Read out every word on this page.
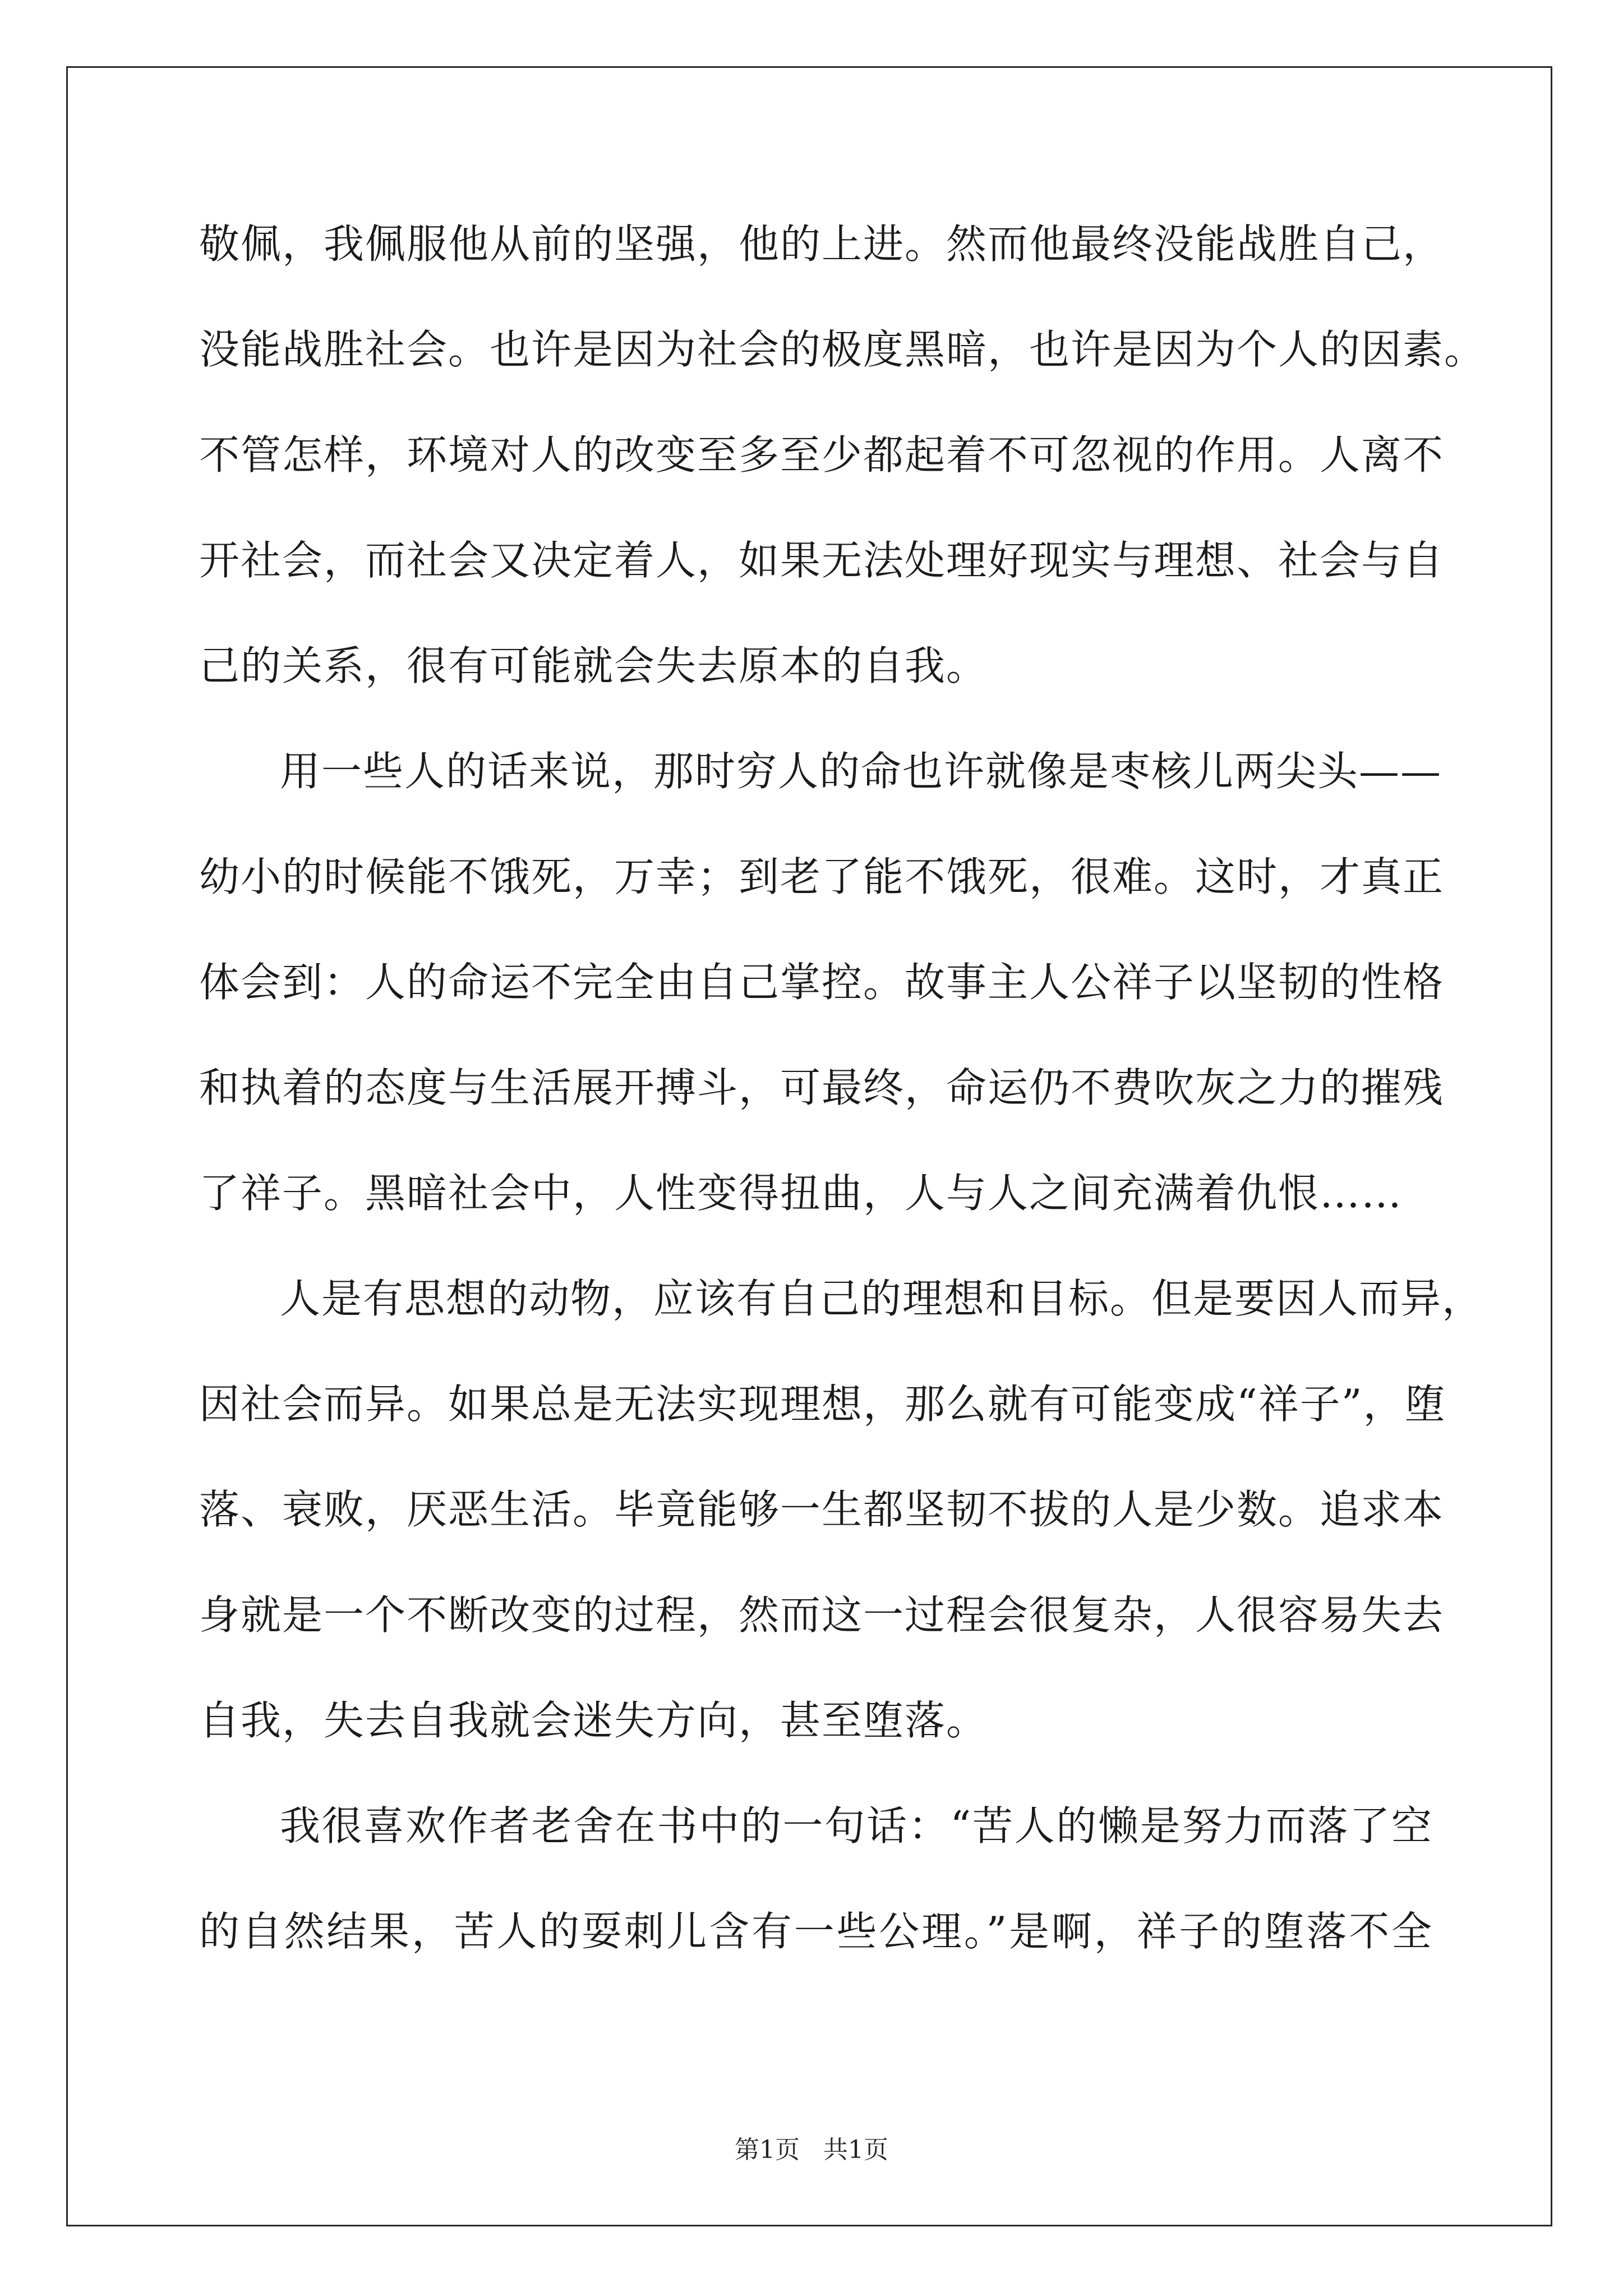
敬佩，我佩服他从前的坚强，他的上进。然而他最终没能战胜自己，
没能战胜社会。也许是因为社会的极度黑暗，也许是因为个人的因素。
不管怎样，环境对人的改变至多至少都起着不可忽视的作用。人离不
开社会，而社会又决定着人，如果无法处理好现实与理想、社会与自
己的关系，很有可能就会失去原本的自我。
用一些人的话来说，那时穷人的命也许就像是枣核儿两尖头——
幼小的时候能不饿死，万幸；到老了能不饿死，很难。这时，才真正
体会到：人的命运不完全由自己掌控。故事主人公祥子以坚韧的性格
和执着的态度与生活展开搏斗，可最终，命运仍不费吹灰之力的摧残
了祥子。黑暗社会中，人性变得扭曲，人与人之间充满着仇恨……
人是有思想的动物，应该有自己的理想和目标。但是要因人而异，
因社会而异。如果总是无法实现理想，那么就有可能变成“祥子”，堕
落、衰败，厌恶生活。毕竟能够一生都坚韧不拔的人是少数。追求本
身就是一个不断改变的过程，然而这一过程会很复杂，人很容易失去
自我，失去自我就会迷失方向，甚至堕落。
我很喜欢作者老舍在书中的一句话：“苦人的懒是努力而落了空
的自然结果，苦人的耍刺儿含有一些公理。”是啊，祥子的堕落不全
第1页 共1页
